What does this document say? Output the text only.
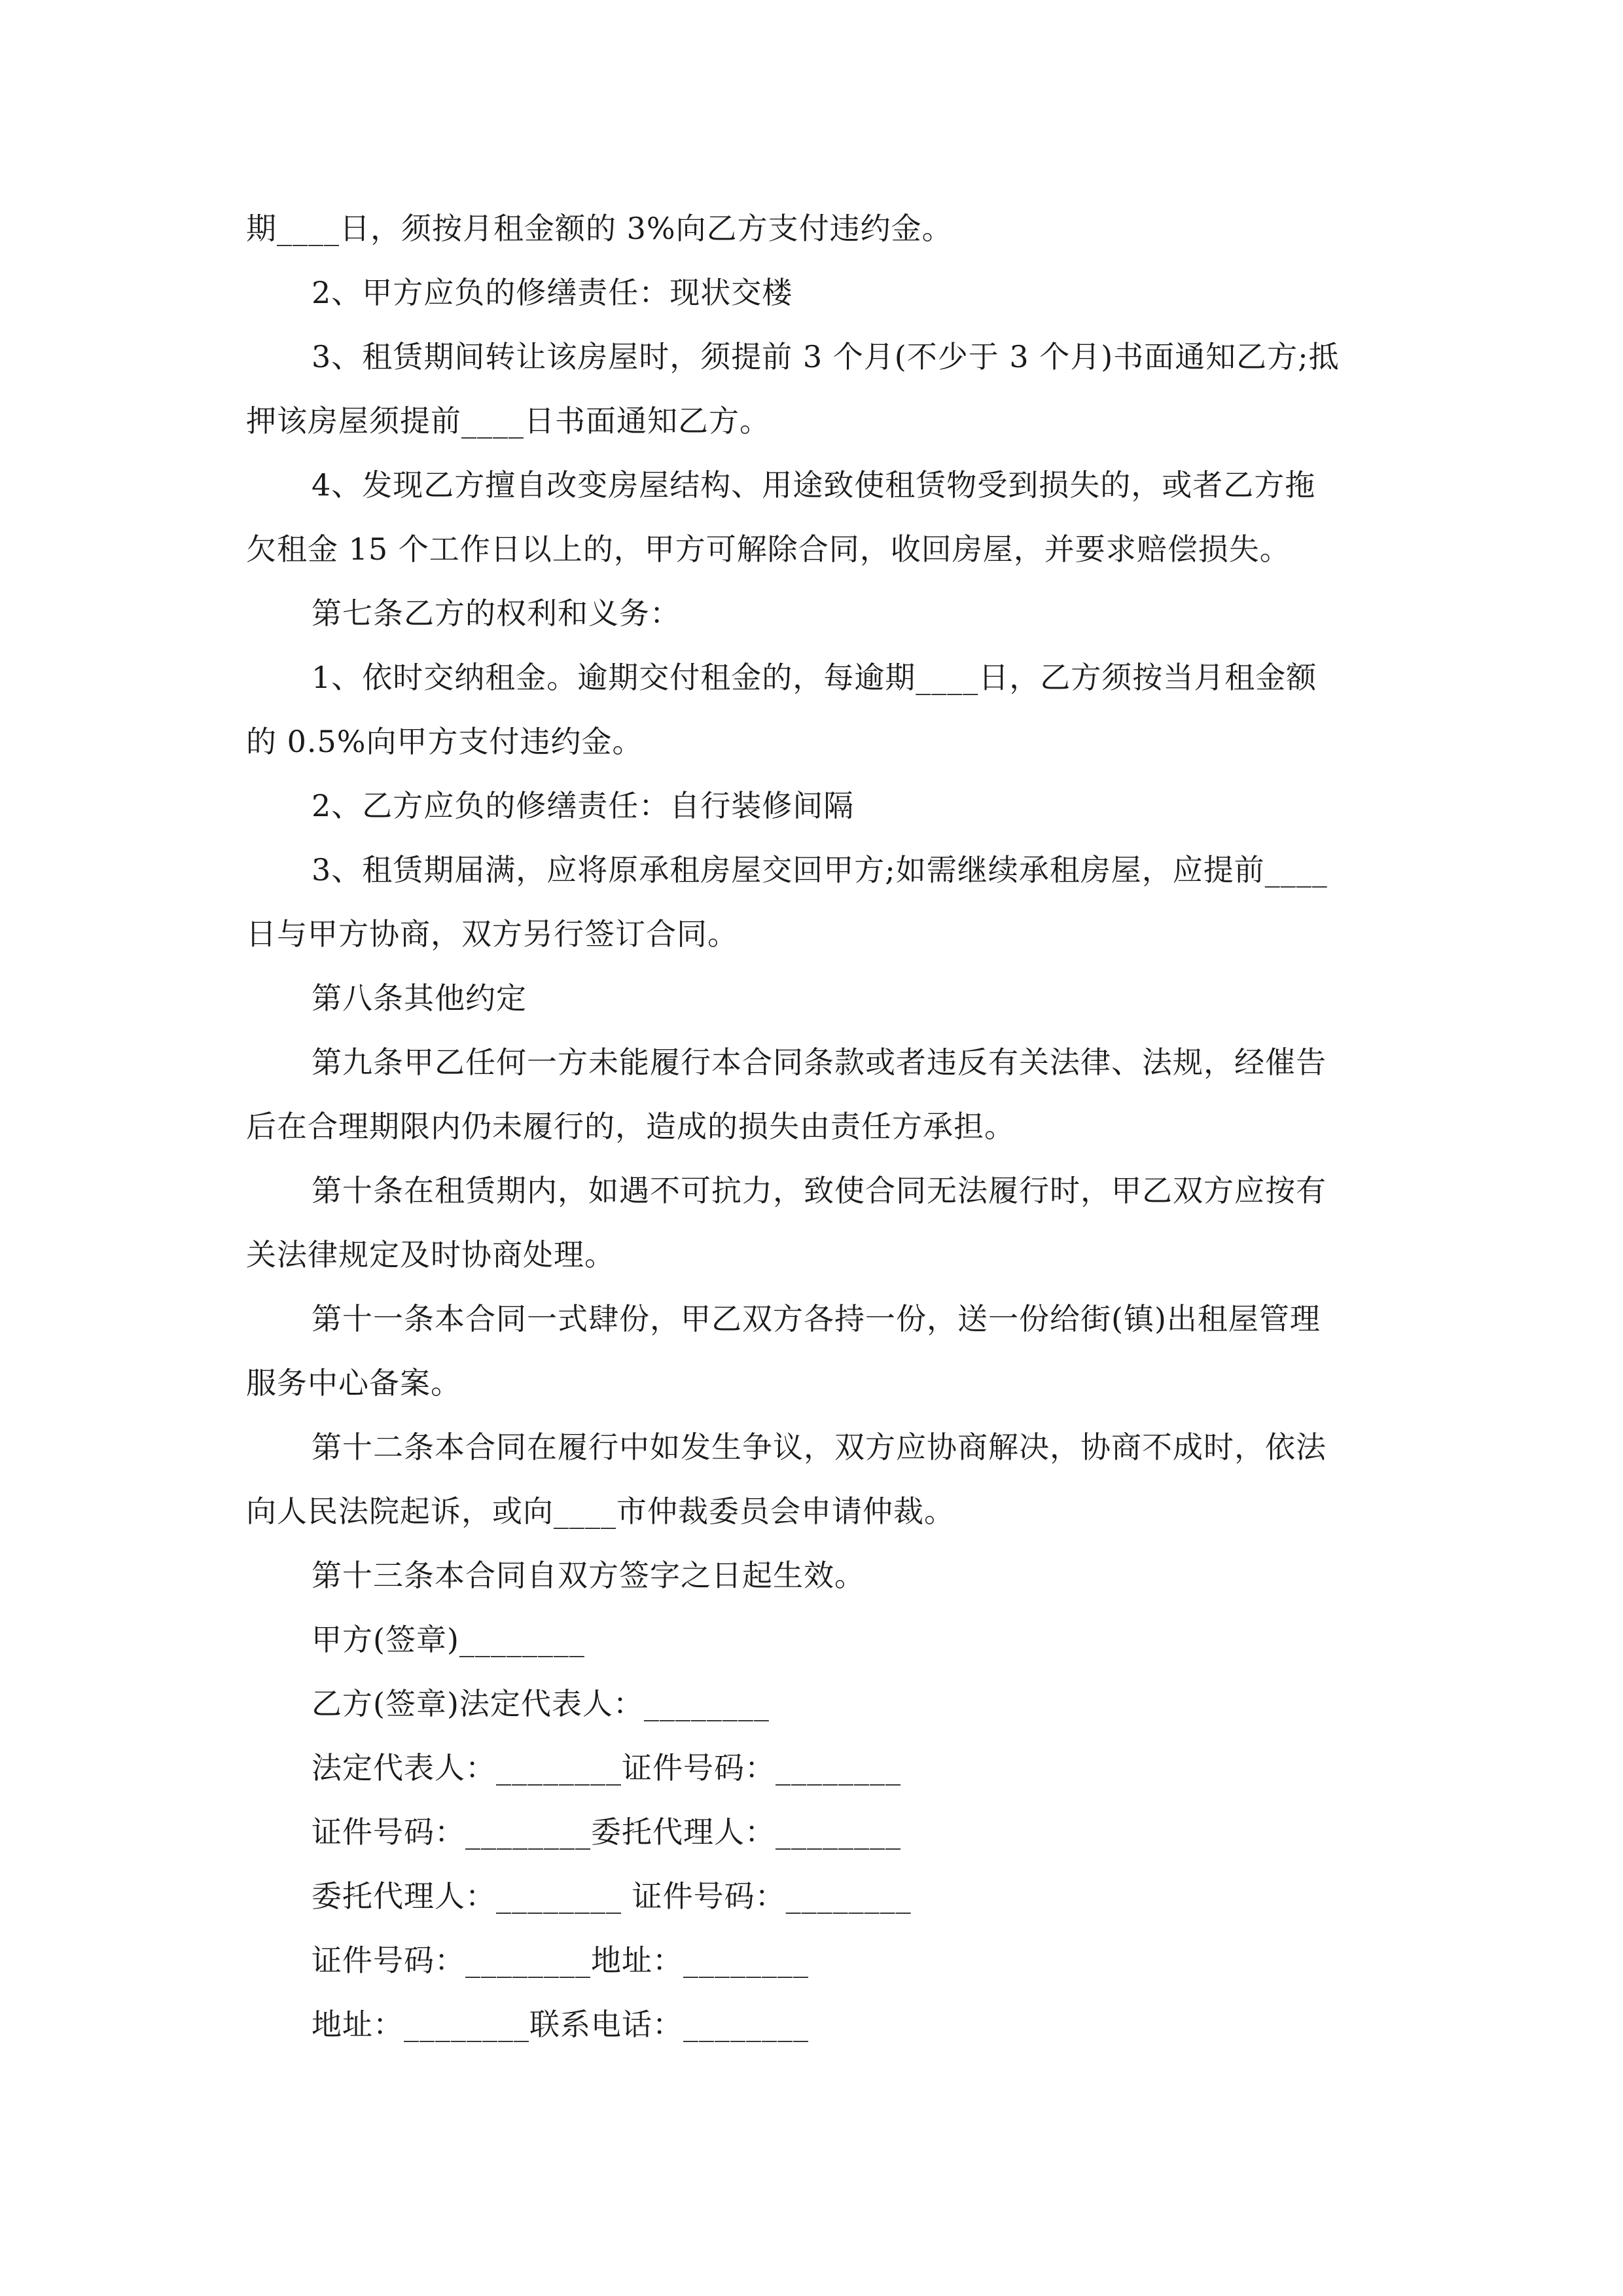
期____日，须按月租金额的 3%向乙方支付违约金。
2、甲方应负的修缮责任：现状交楼
3、租赁期间转让该房屋时，须提前 3 个月(不少于 3 个月)书面通知乙方;抵
押该房屋须提前____日书面通知乙方。
4、发现乙方擅自改变房屋结构、用途致使租赁物受到损失的，或者乙方拖
欠租金 15 个工作日以上的，甲方可解除合同，收回房屋，并要求赔偿损失。
第七条乙方的权利和义务：
1、依时交纳租金。逾期交付租金的，每逾期____日，乙方须按当月租金额
的 0.5%向甲方支付违约金。
2、乙方应负的修缮责任：自行装修间隔
3、租赁期届满，应将原承租房屋交回甲方;如需继续承租房屋，应提前____
日与甲方协商，双方另行签订合同。
第八条其他约定
第九条甲乙任何一方未能履行本合同条款或者违反有关法律、法规，经催告
后在合理期限内仍未履行的，造成的损失由责任方承担。
第十条在租赁期内，如遇不可抗力，致使合同无法履行时，甲乙双方应按有
关法律规定及时协商处理。
第十一条本合同一式肆份，甲乙双方各持一份，送一份给街(镇)出租屋管理
服务中心备案。
第十二条本合同在履行中如发生争议，双方应协商解决，协商不成时，依法
向人民法院起诉，或向____市仲裁委员会申请仲裁。
第十三条本合同自双方签字之日起生效。
甲方(签章)________
乙方(签章)法定代表人：________
法定代表人：________证件号码：________
证件号码：________委托代理人：________
委托代理人：________ 证件号码：________
证件号码：________地址：________
地址：________联系电话：________
